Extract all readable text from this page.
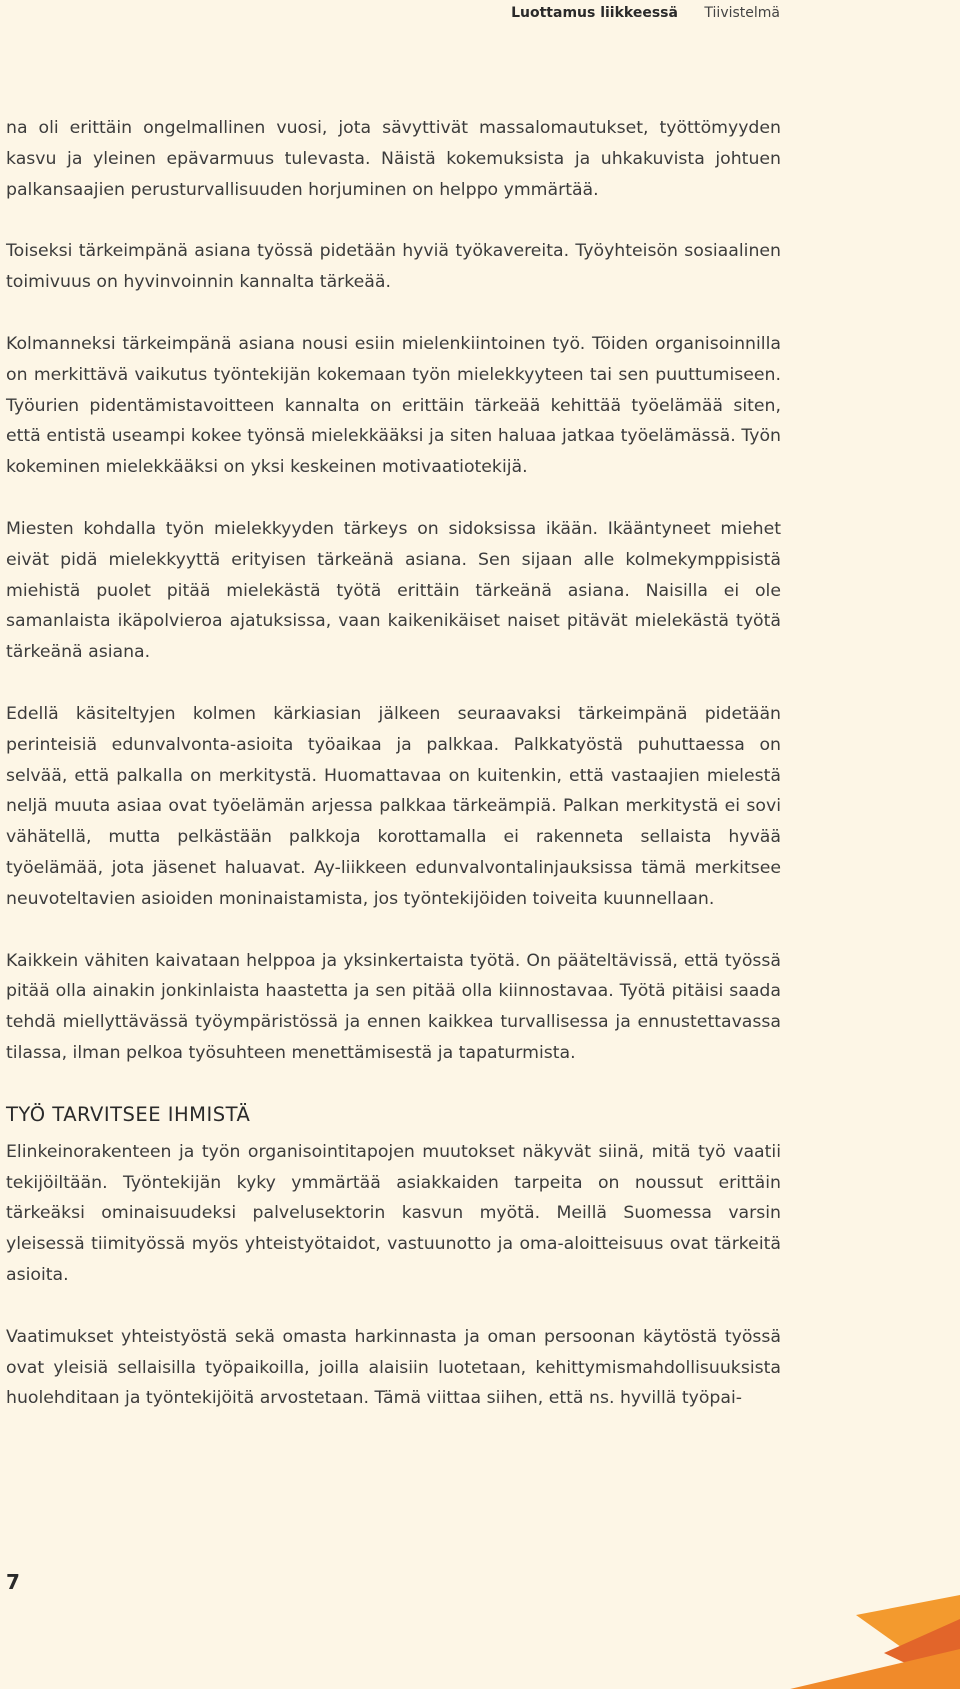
Luottamus liikkeessä Tiivistelmä

na oli erittäin ongelmallinen vuosi, jota sävyttivät massalomautukset, työttömyyden kasvu ja yleinen epävarmuus tulevasta. Näistä kokemuksista ja uhkakuvista johtuen palkansaajien perusturvallisuuden horjuminen on helppo ymmärtää.

Toiseksi tärkeimpänä asiana työssä pidetään hyviä työkavereita. Työyhteisön sosiaalinen toimivuus on hyvinvoinnin kannalta tärkeää.

Kolmanneksi tärkeimpänä asiana nousi esiin mielenkiintoinen työ. Töiden organisoinnilla on merkittävä vaikutus työntekijän kokemaan työn mielekkyyteen tai sen puuttumiseen. Työurien pidentämistavoitteen kannalta on erittäin tärkeää kehittää työelämää siten, että entistä useampi kokee työnsä mielekkääksi ja siten haluaa jatkaa työelämässä. Työn kokeminen mielekkääksi on yksi keskeinen motivaatiotekijä.

Miesten kohdalla työn mielekkyyden tärkeys on sidoksissa ikään. Ikääntyneet miehet eivät pidä mielekkyyttä erityisen tärkeänä asiana. Sen sijaan alle kolmekymppisistä miehistä puolet pitää mielekästä työtä erittäin tärkeänä asiana. Naisilla ei ole samanlaista ikäpolvieroa ajatuksissa, vaan kaikenikäiset naiset pitävät mielekästä työtä tärkeänä asiana.

Edellä käsiteltyjen kolmen kärkiasian jälkeen seuraavaksi tärkeimpänä pidetään perinteisiä edunvalvonta-asioita työaikaa ja palkkaa. Palkkatyöstä puhuttaessa on selvää, että palkalla on merkitystä. Huomattavaa on kuitenkin, että vastaajien mielestä neljä muuta asiaa ovat työelämän arjessa palkkaa tärkeämpiä. Palkan merkitystä ei sovi vähätellä, mutta pelkästään palkkoja korottamalla ei rakenneta sellaista hyvää työelämää, jota jäsenet haluavat. Ay-liikkeen edunvalvontalinjauksissa tämä merkitsee neuvoteltavien asioiden moninaistamista, jos työntekijöiden toiveita kuunnellaan.

Kaikkein vähiten kaivataan helppoa ja yksinkertaista työtä. On pääteltävissä, että työssä pitää olla ainakin jonkinlaista haastetta ja sen pitää olla kiinnostavaa. Työtä pitäisi saada tehdä miellyttävässä työympäristössä ja ennen kaikkea turvallisessa ja ennustettavassa tilassa, ilman pelkoa työsuhteen menettämisestä ja tapaturmista.

TYÖ TARVITSEE IHMISTÄ

Elinkeinorakenteen ja työn organisointitapojen muutokset näkyvät siinä, mitä työ vaatii tekijöiltään. Työntekijän kyky ymmärtää asiakkaiden tarpeita on noussut erittäin tärkeäksi ominaisuudeksi palvelusektorin kasvun myötä. Meillä Suomessa varsin yleisessä tiimityössä myös yhteistyötaidot, vastuunotto ja oma-aloitteisuus ovat tärkeitä asioita.

Vaatimukset yhteistyöstä sekä omasta harkinnasta ja oman persoonan käytöstä työssä ovat yleisiä sellaisilla työpaikoilla, joilla alaisiin luotetaan, kehittymismahdollisuuksista huolehditaan ja työntekijöitä arvostetaan. Tämä viittaa siihen, että ns. hyvillä työpai-

7
